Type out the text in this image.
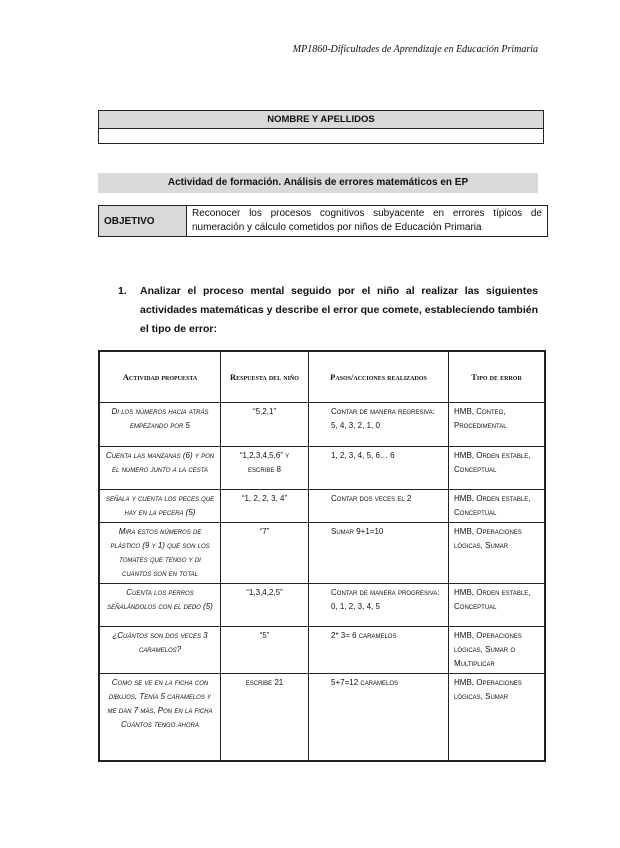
MP1860-Dificultades de Aprendizaje en Educación Primaria
NOMBRE Y APELLIDOS
Actividad de formación. Análisis de errores matemáticos en EP
OBJETIVO
Reconocer los procesos cognitivos subyacente en errores típicos de numeración y cálculo cometidos por niños de Educación Primaria
1.	Analizar el proceso mental seguido por el niño al realizar las siguientes actividades matemáticas y describe el error que comete, estableciendo también el tipo de error:
Actividad propuesta	Respuesta del niño	Pasos/acciones realizados	Tipo de error
Di los números hacia atrás empezando por 5	“5,2,1”	Contar de manera regresiva: 5, 4, 3, 2, 1, 0	HMB, Conteo, Procedimental
Cuenta las manzanas (6) y pon el numero junto a la cesta	“1,2,3,4,5,6” y escribe 8	1, 2, 3, 4, 5, 6… 6	HMB, Orden estable, Conceptual
señala y cuenta los peces que hay en la pecera (5)	“1, 2, 2, 3, 4”	Contar dos veces el 2	HMB, Orden estable, Conceptual
Mira estos números de plástico (9 y 1) que son los tomates que tengo y di cuantos son en total	“7”	Sumar 9+1=10	HMB, Operaciones lógicas, Sumar
Cuenta los perros señalándolos con el dedo (5)	“1,3,4,2,5”	Contar de manera progresiva: 0, 1, 2, 3, 4, 5	HMB, Orden estable, Conceptual
¿Cuántos son dos veces 3 caramelos?	“5”	2* 3= 6 caramelos	HMB, Operaciones lógicas, Sumar o Multiplicar
Como se ve en la ficha con dibujos, Tenía 5 caramelos y me dan 7 más, Pon en la ficha Cuántos tengo ahora	escribe 21	5+7=12 caramelos	HMB, Operaciones lógicas, Sumar
